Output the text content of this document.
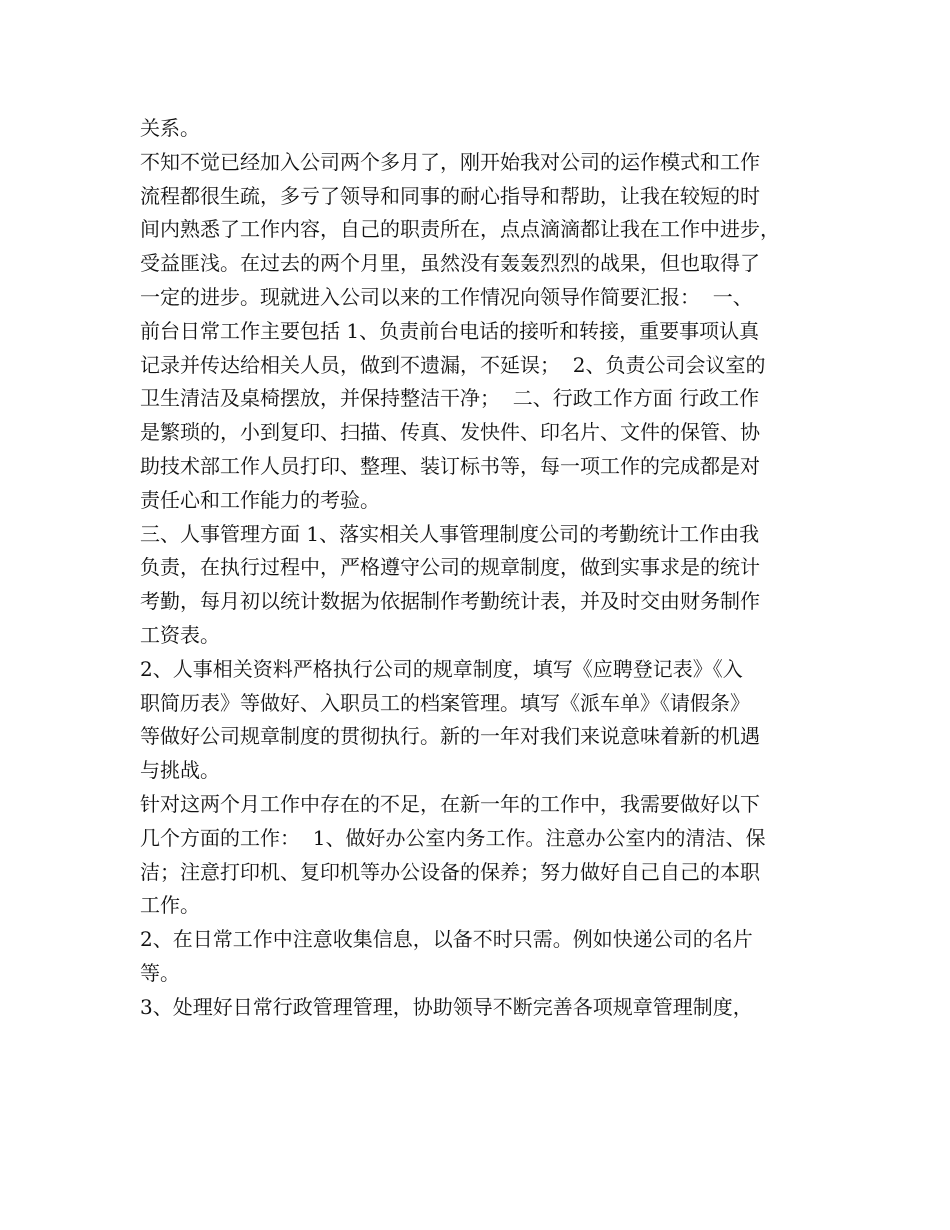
关系。
不知不觉已经加入公司两个多月了，刚开始我对公司的运作模式和工作
流程都很生疏，多亏了领导和同事的耐心指导和帮助，让我在较短的时
间内熟悉了工作内容，自己的职责所在，点点滴滴都让我在工作中进步，
受益匪浅。在过去的两个月里，虽然没有轰轰烈烈的战果，但也取得了
一定的进步。现就进入公司以来的工作情况向领导作简要汇报：  一、
前台日常工作主要包括 1、负责前台电话的接听和转接，重要事项认真
记录并传达给相关人员，做到不遗漏，不延误；  2、负责公司会议室的
卫生清洁及桌椅摆放，并保持整洁干净；  二、行政工作方面 行政工作
是繁琐的，小到复印、扫描、传真、发快件、印名片、文件的保管、协
助技术部工作人员打印、整理、装订标书等，每一项工作的完成都是对
责任心和工作能力的考验。
三、人事管理方面 1、落实相关人事管理制度公司的考勤统计工作由我
负责，在执行过程中，严格遵守公司的规章制度，做到实事求是的统计
考勤，每月初以统计数据为依据制作考勤统计表，并及时交由财务制作
工资表。
2、人事相关资料严格执行公司的规章制度，填写《应聘登记表》《入
职简历表》等做好、入职员工的档案管理。填写《派车单》《请假条》
等做好公司规章制度的贯彻执行。新的一年对我们来说意味着新的机遇
与挑战。
针对这两个月工作中存在的不足，在新一年的工作中，我需要做好以下
几个方面的工作：  1、做好办公室内务工作。注意办公室内的清洁、保
洁；注意打印机、复印机等办公设备的保养；努力做好自己自己的本职
工作。
2、在日常工作中注意收集信息，以备不时只需。例如快递公司的名片
等。
3、处理好日常行政管理管理，协助领导不断完善各项规章管理制度，
